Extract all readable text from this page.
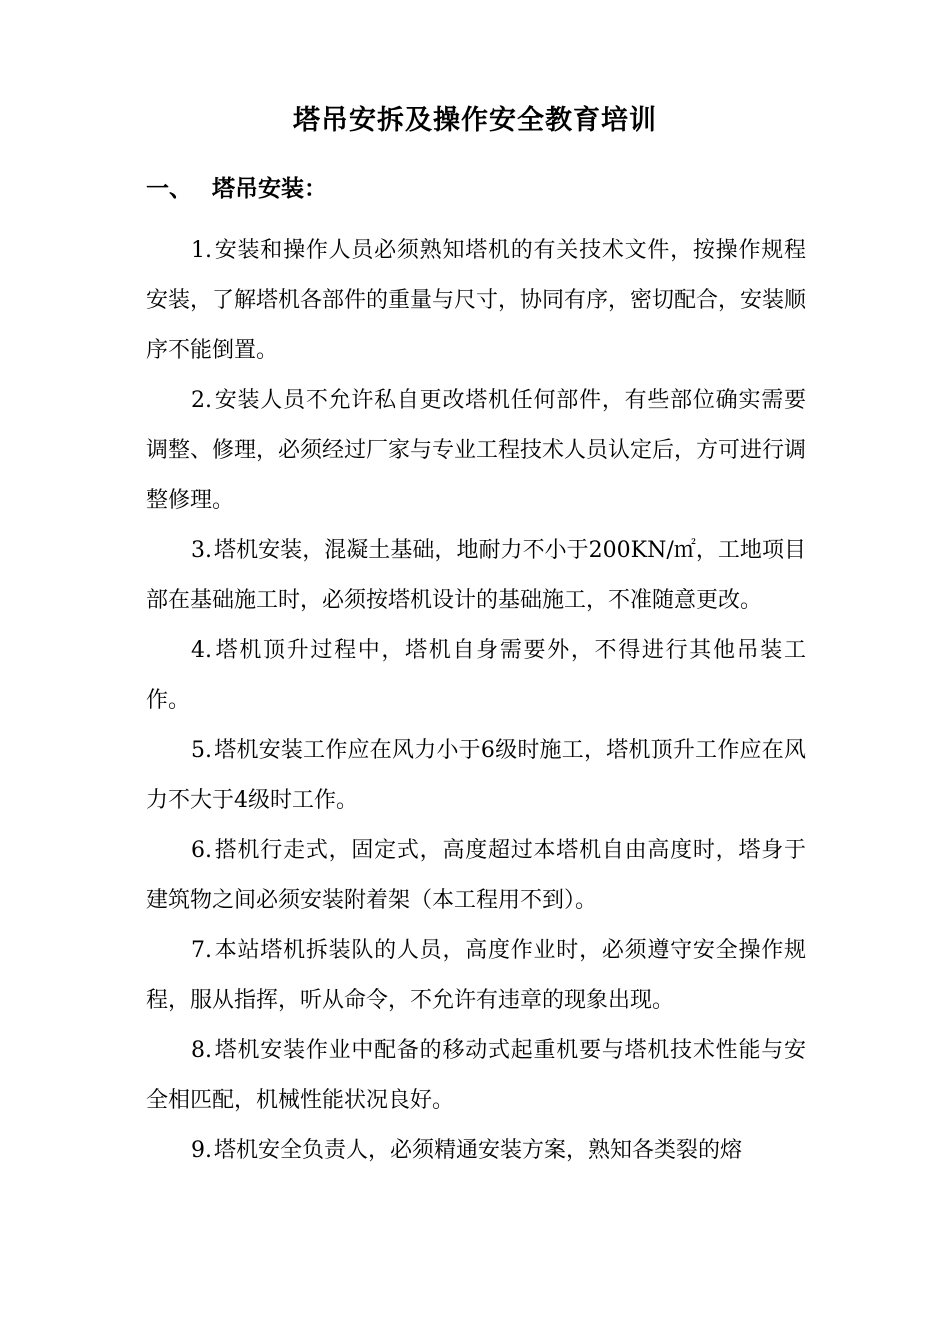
塔吊安拆及操作安全教育培训
一、 塔吊安装：

1.安装和操作人员必须熟知塔机的有关技术文件，按操作规程安装，了解塔机各部件的重量与尺寸，协同有序，密切配合，安装顺序不能倒置。

2.安装人员不允许私自更改塔机任何部件，有些部位确实需要调整、修理，必须经过厂家与专业工程技术人员认定后，方可进行调整修理。

3.塔机安装，混凝土基础，地耐力不小于200KN/㎡，工地项目部在基础施工时，必须按塔机设计的基础施工，不准随意更改。

4.塔机顶升过程中，塔机自身需要外，不得进行其他吊装工作。

5.塔机安装工作应在风力小于6级时施工，塔机顶升工作应在风力不大于4级时工作。

6.搭机行走式，固定式，高度超过本塔机自由高度时，塔身于建筑物之间必须安装附着架（本工程用不到）。

7.本站塔机拆装队的人员，高度作业时，必须遵守安全操作规程，服从指挥，听从命令，不允许有违章的现象出现。

8.塔机安装作业中配备的移动式起重机要与塔机技术性能与安全相匹配，机械性能状况良好。

9.塔机安全负责人，必须精通安装方案，熟知各类裂的熔
